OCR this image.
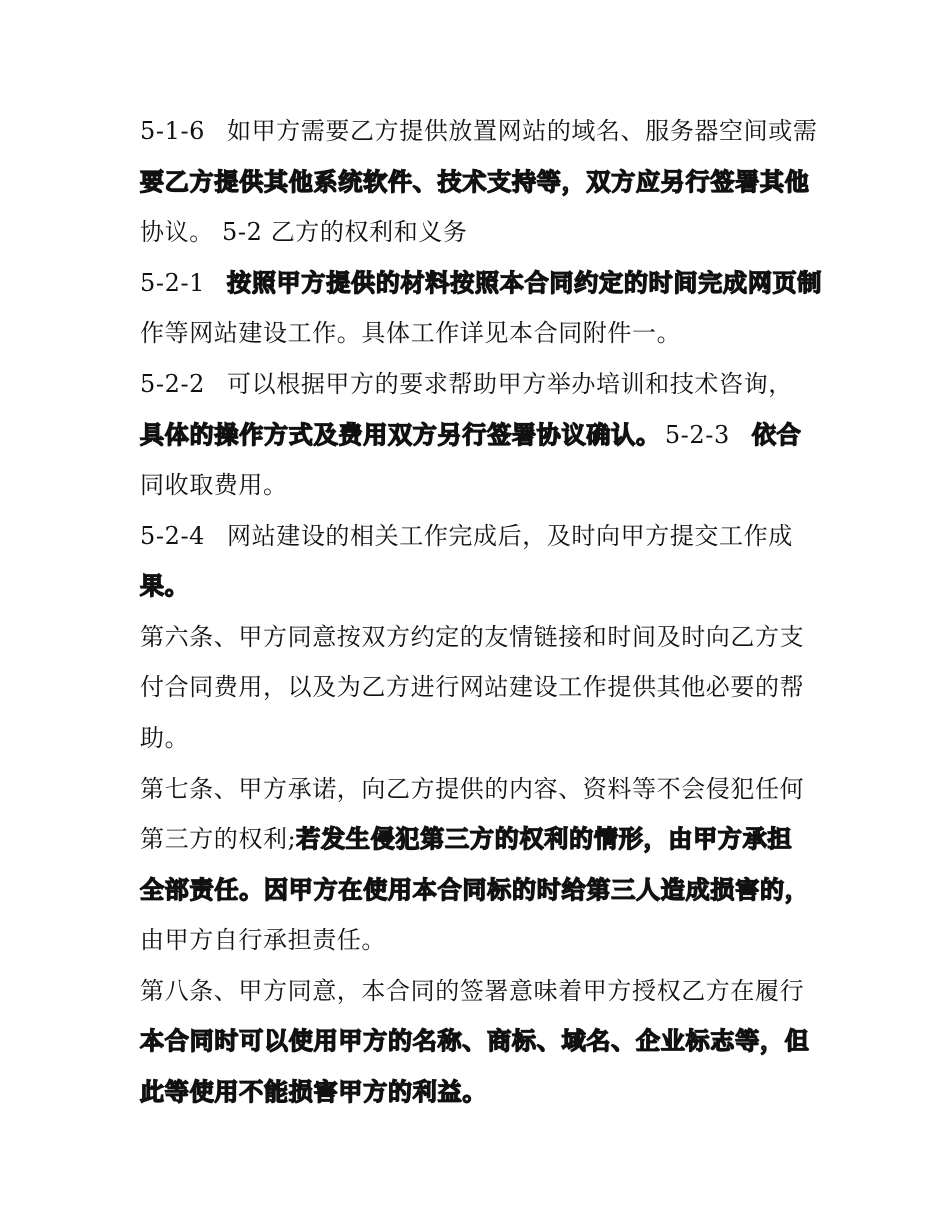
5-1-6 如甲方需要乙方提供放置网站的域名、服务器空间或需
要乙方提供其他系统软件、技术支持等，双方应另行签署其他
协议。 5-2 乙方的权利和义务
5-2-1 按照甲方提供的材料按照本合同约定的时间完成网页制
作等网站建设工作。具体工作详见本合同附件一。
5-2-2 可以根据甲方的要求帮助甲方举办培训和技术咨询，
具体的操作方式及费用双方另行签署协议确认。 5-2-3 依合
同收取费用。
5-2-4 网站建设的相关工作完成后，及时向甲方提交工作成
果。
第六条、甲方同意按双方约定的友情链接和时间及时向乙方支
付合同费用，以及为乙方进行网站建设工作提供其他必要的帮
助。
第七条、甲方承诺，向乙方提供的内容、资料等不会侵犯任何
第三方的权利;若发生侵犯第三方的权利的情形，由甲方承担
全部责任。因甲方在使用本合同标的时给第三人造成损害的，
由甲方自行承担责任。
第八条、甲方同意，本合同的签署意味着甲方授权乙方在履行
本合同时可以使用甲方的名称、商标、域名、企业标志等，但
此等使用不能损害甲方的利益。
